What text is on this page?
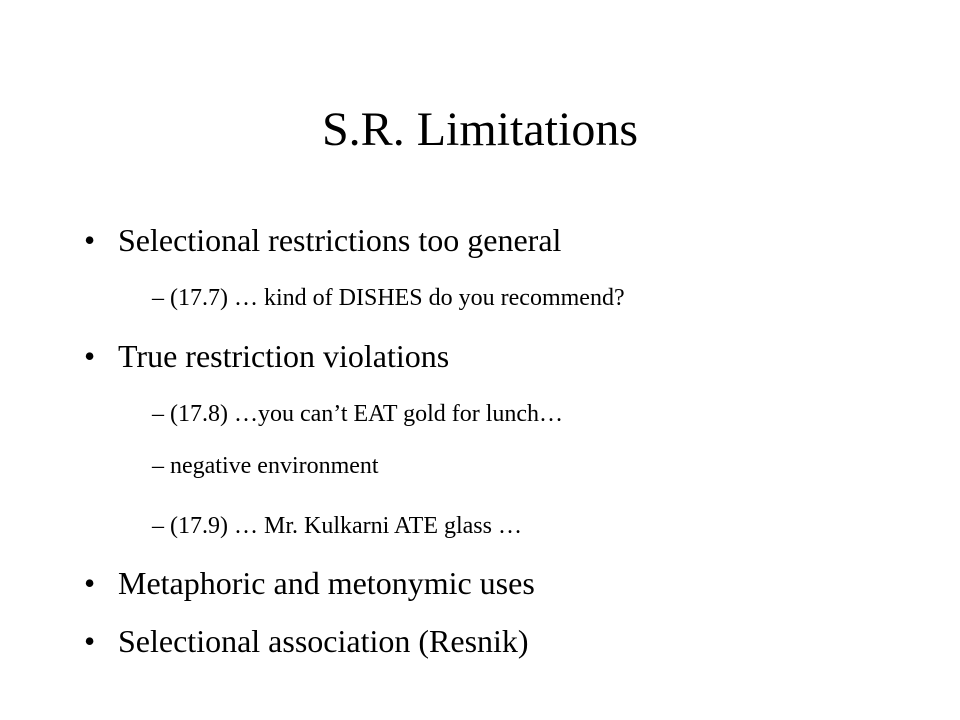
S.R. Limitations
• Selectional restrictions too general
– (17.7) … kind of DISHES do you recommend?
• True restriction violations
– (17.8) …you can’t EAT gold for lunch…
– negative environment
– (17.9) … Mr. Kulkarni ATE glass …
• Metaphoric and metonymic uses
• Selectional association (Resnik)
